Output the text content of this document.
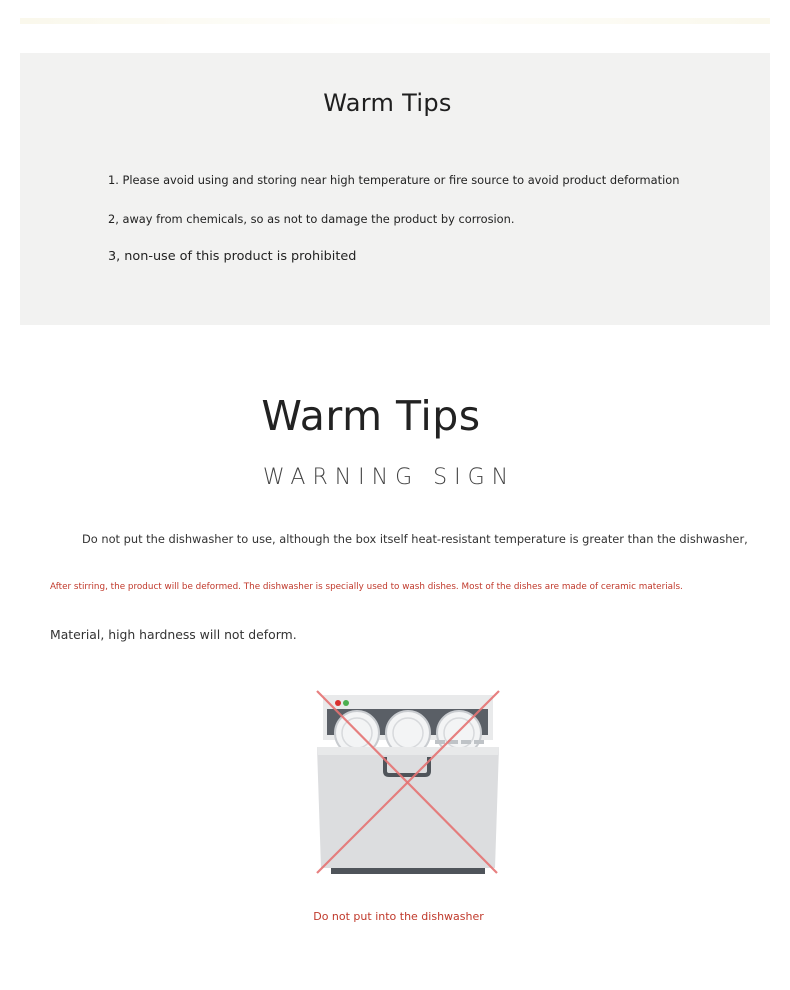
Warm Tips
1. Please avoid using and storing near high temperature or fire source to avoid product deformation
2, away from chemicals, so as not to damage the product by corrosion.
3, non-use of this product is prohibited
Warm Tips
WARNING SIGN

Do not put the dishwasher to use, although the box itself heat-resistant temperature is greater than the dishwasher,

After stirring, the product will be deformed. The dishwasher is specially used to wash dishes. Most of the dishes are made of ceramic materials.

Material, high hardness will not deform.

Do not put into the dishwasher
